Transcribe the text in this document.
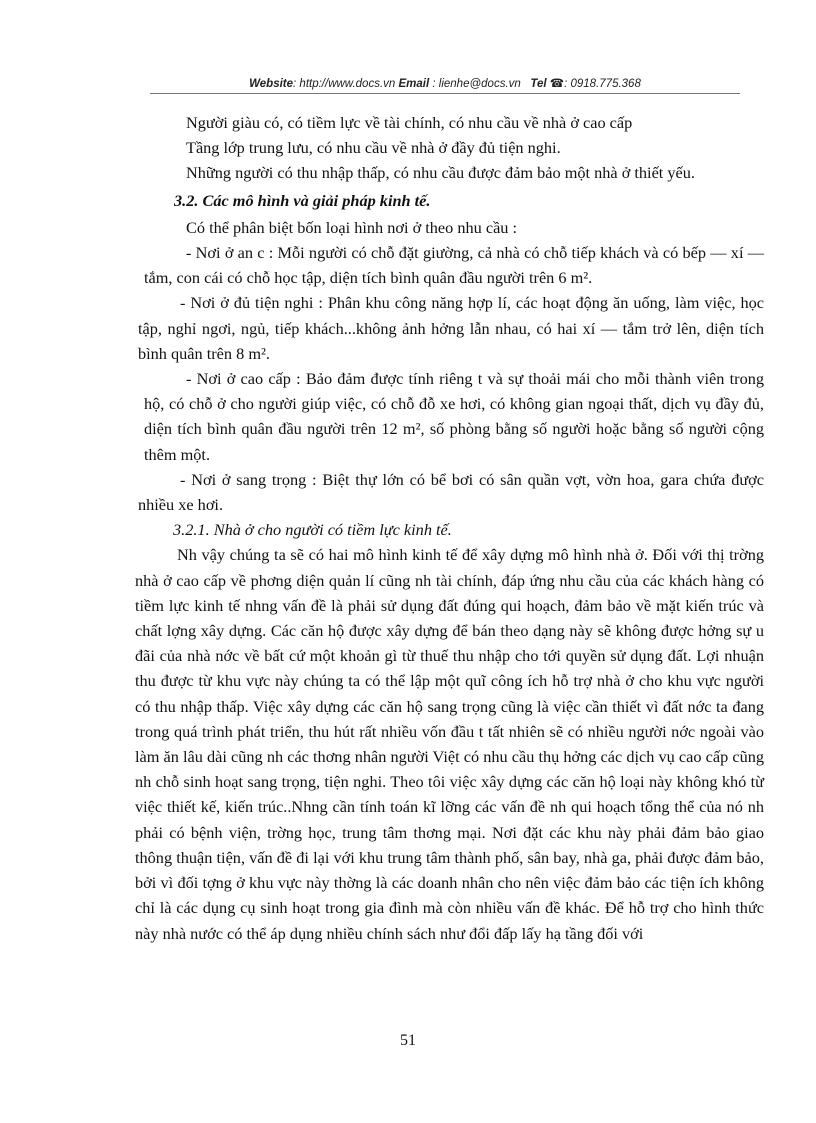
Website: http://www.docs.vn Email : lienhe@docs.vn Tel ☎: 0918.775.368

Người giàu có, có tiềm lực về tài chính, có nhu cầu về nhà ở cao cấp

Tầng lớp trung lưu, có nhu cầu về nhà ở đầy đủ tiện nghi.

Những người có thu nhập thấp, có nhu cầu được đảm bảo một nhà ở thiết yếu.

3.2. Các mô hình và giải pháp kinh tế.

Có thể phân biệt bốn loại hình nơi ở theo nhu cầu :

- Nơi ở an c : Mỗi người có chỗ đặt giường, cả nhà có chỗ tiếp khách và có bếp — xí — tắm, con cái có chỗ học tập, diện tích bình quân đầu người trên 6 m².

- Nơi ở đủ tiện nghi : Phân khu công năng hợp lí, các hoạt động ăn uống, làm việc, học tập, nghỉ ngơi, ngủ, tiếp khách...không ảnh hởng lẫn nhau, có hai xí — tắm trở lên, diện tích bình quân trên 8 m².

- Nơi ở cao cấp : Bảo đảm được tính riêng t và sự thoải mái cho mỗi thành viên trong hộ, có chỗ ở cho người giúp việc, có chỗ đỗ xe hơi, có không gian ngoại thất, dịch vụ đầy đủ, diện tích bình quân đầu người trên 12 m², số phòng bằng số người hoặc bằng số người cộng thêm một.

- Nơi ở sang trọng : Biệt thự lớn có bể bơi có sân quần vợt, vờn hoa, gara chứa được nhiều xe hơi.

3.2.1. Nhà ở cho người có tiềm lực kinh tế.

Nh vậy chúng ta sẽ có hai mô hình kinh tế để xây dựng mô hình nhà ở. Đối với thị trờng nhà ở cao cấp về phơng diện quản lí cũng nh tài chính, đáp ứng nhu cầu của các khách hàng có tiềm lực kinh tế nhng vấn đề là phải sử dụng đất đúng qui hoạch, đảm bảo về mặt kiến trúc và chất lợng xây dựng. Các căn hộ được xây dựng để bán theo dạng này sẽ không được hởng sự u đãi của nhà nớc về bất cứ một khoản gì từ thuế thu nhập cho tới quyền sử dụng đất. Lợi nhuận thu được từ khu vực này chúng ta có thể lập một quĩ công ích hỗ trợ nhà ở cho khu vực người có thu nhập thấp. Việc xây dựng các căn hộ sang trọng cũng là việc cần thiết vì đất nớc ta đang trong quá trình phát triển, thu hút rất nhiều vốn đầu t tất nhiên sẽ có nhiều người nớc ngoài vào làm ăn lâu dài cũng nh các thơng nhân người Việt có nhu cầu thụ hởng các dịch vụ cao cấp cũng nh chỗ sinh hoạt sang trọng, tiện nghi. Theo tôi việc xây dựng các căn hộ loại này không khó từ việc thiết kế, kiến trúc..Nhng cần tính toán kĩ lỡng các vấn đề nh qui hoạch tổng thể của nó nh phải có bệnh viện, trờng học, trung tâm thơng mại. Nơi đặt các khu này phải đảm bảo giao thông thuận tiện, vấn đề đi lại với khu trung tâm thành phố, sân bay, nhà ga, phải được đảm bảo, bởi vì đối tợng ở khu vực này thờng là các doanh nhân cho nên việc đảm bảo các tiện ích không chỉ là các dụng cụ sinh hoạt trong gia đình mà còn nhiều vấn đề khác. Để hỗ trợ cho hình thức này nhà nước có thể áp dụng nhiều chính sách như đổi đấp lấy hạ tầng đối với

51
